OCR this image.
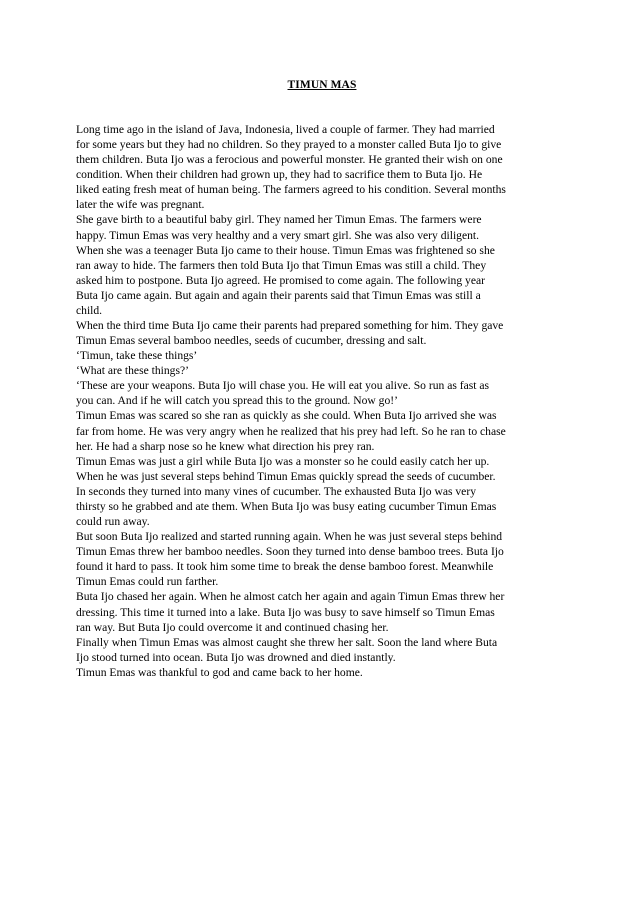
TIMUN MAS
Long time ago in the island of Java, Indonesia, lived a couple of farmer. They had married
for some years but they had no children. So they prayed to a monster called Buta Ijo to give
them children. Buta Ijo was a ferocious and powerful monster. He granted their wish on one
condition. When their children had grown up, they had to sacrifice them to Buta Ijo. He
liked eating fresh meat of human being. The farmers agreed to his condition. Several months
later the wife was pregnant.
She gave birth to a beautiful baby girl. They named her Timun Emas. The farmers were
happy. Timun Emas was very healthy and a very smart girl. She was also very diligent.
When she was a teenager Buta Ijo came to their house. Timun Emas was frightened so she
ran away to hide. The farmers then told Buta Ijo that Timun Emas was still a child. They
asked him to postpone. Buta Ijo agreed. He promised to come again. The following year
Buta Ijo came again. But again and again their parents said that Timun Emas was still a
child.
When the third time Buta Ijo came their parents had prepared something for him. They gave
Timun Emas several bamboo needles, seeds of cucumber, dressing and salt.
‘Timun, take these things’
‘What are these things?’
‘These are your weapons. Buta Ijo will chase you. He will eat you alive. So run as fast as
you can. And if he will catch you spread this to the ground. Now go!’
Timun Emas was scared so she ran as quickly as she could. When Buta Ijo arrived she was
far from home. He was very angry when he realized that his prey had left. So he ran to chase
her. He had a sharp nose so he knew what direction his prey ran.
Timun Emas was just a girl while Buta Ijo was a monster so he could easily catch her up.
When he was just several steps behind Timun Emas quickly spread the seeds of cucumber.
In seconds they turned into many vines of cucumber. The exhausted Buta Ijo was very
thirsty so he grabbed and ate them. When Buta Ijo was busy eating cucumber Timun Emas
could run away.
But soon Buta Ijo realized and started running again. When he was just several steps behind
Timun Emas threw her bamboo needles. Soon they turned into dense bamboo trees. Buta Ijo
found it hard to pass. It took him some time to break the dense bamboo forest. Meanwhile
Timun Emas could run farther.
Buta Ijo chased her again. When he almost catch her again and again Timun Emas threw her
dressing. This time it turned into a lake. Buta Ijo was busy to save himself so Timun Emas
ran way. But Buta Ijo could overcome it and continued chasing her.
Finally when Timun Emas was almost caught she threw her salt. Soon the land where Buta
Ijo stood turned into ocean. Buta Ijo was drowned and died instantly.
Timun Emas was thankful to god and came back to her home.
